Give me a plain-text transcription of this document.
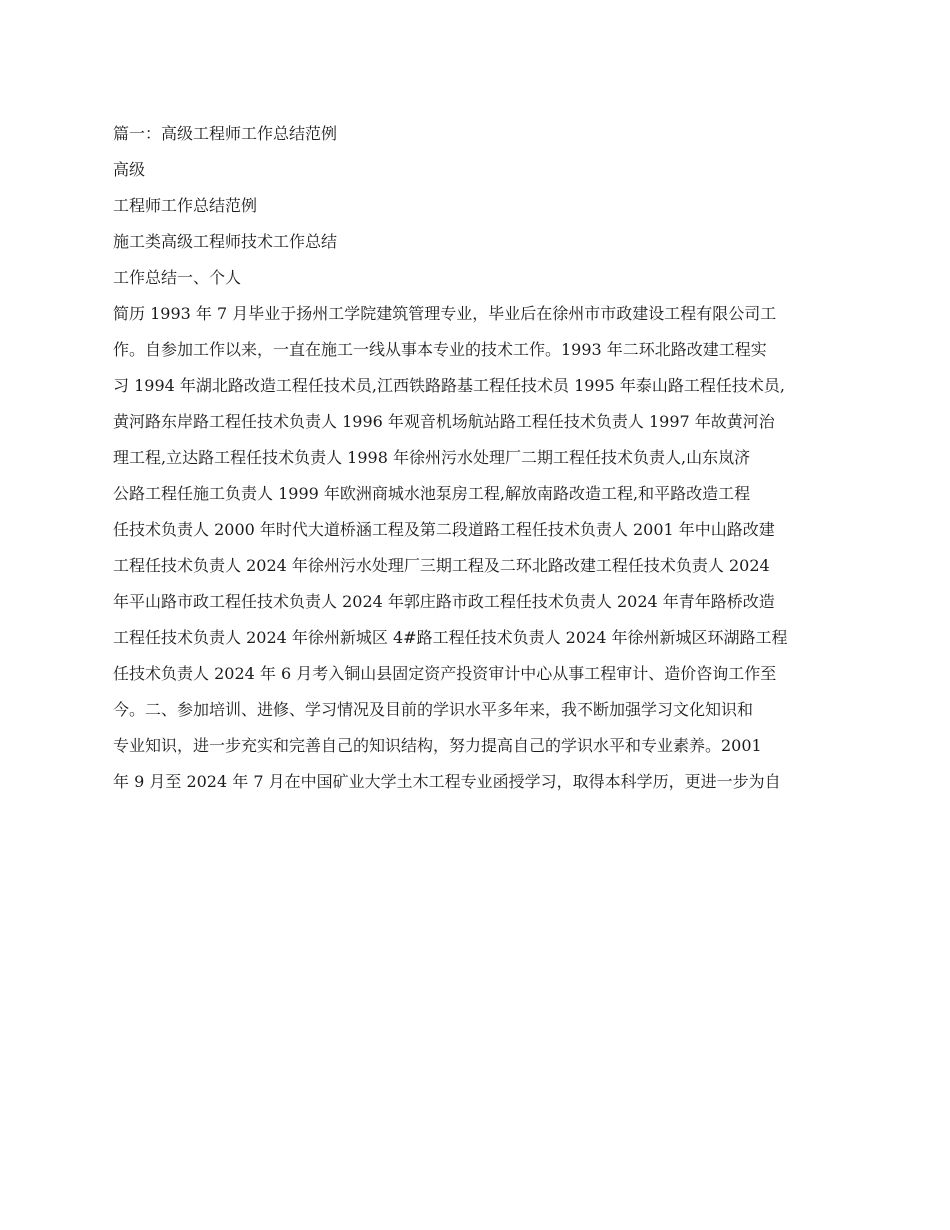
篇一：高级工程师工作总结范例

高级

工程师工作总结范例

施工类高级工程师技术工作总结

工作总结一、个人

简历 1993 年 7 月毕业于扬州工学院建筑管理专业，毕业后在徐州市市政建设工程有限公司工

作。自参加工作以来，一直在施工一线从事本专业的技术工作。1993 年二环北路改建工程实

习 1994 年湖北路改造工程任技术员,江西铁路路基工程任技术员 1995 年泰山路工程任技术员,

黄河路东岸路工程任技术负责人 1996 年观音机场航站路工程任技术负责人 1997 年故黄河治

理工程,立达路工程任技术负责人 1998 年徐州污水处理厂二期工程任技术负责人,山东岚济

公路工程任施工负责人 1999 年欧洲商城水池泵房工程,解放南路改造工程,和平路改造工程

任技术负责人 2000 年时代大道桥涵工程及第二段道路工程任技术负责人 2001 年中山路改建

工程任技术负责人 2024 年徐州污水处理厂三期工程及二环北路改建工程任技术负责人 2024

年平山路市政工程任技术负责人 2024 年郭庄路市政工程任技术负责人 2024 年青年路桥改造

工程任技术负责人 2024 年徐州新城区 4#路工程任技术负责人 2024 年徐州新城区环湖路工程

任技术负责人 2024 年 6 月考入铜山县固定资产投资审计中心从事工程审计、造价咨询工作至

今。二、参加培训、进修、学习情况及目前的学识水平多年来，我不断加强学习文化知识和

专业知识，进一步充实和完善自己的知识结构，努力提高自己的学识水平和专业素养。2001

年 9 月至 2024 年 7 月在中国矿业大学土木工程专业函授学习，取得本科学历，更进一步为自
